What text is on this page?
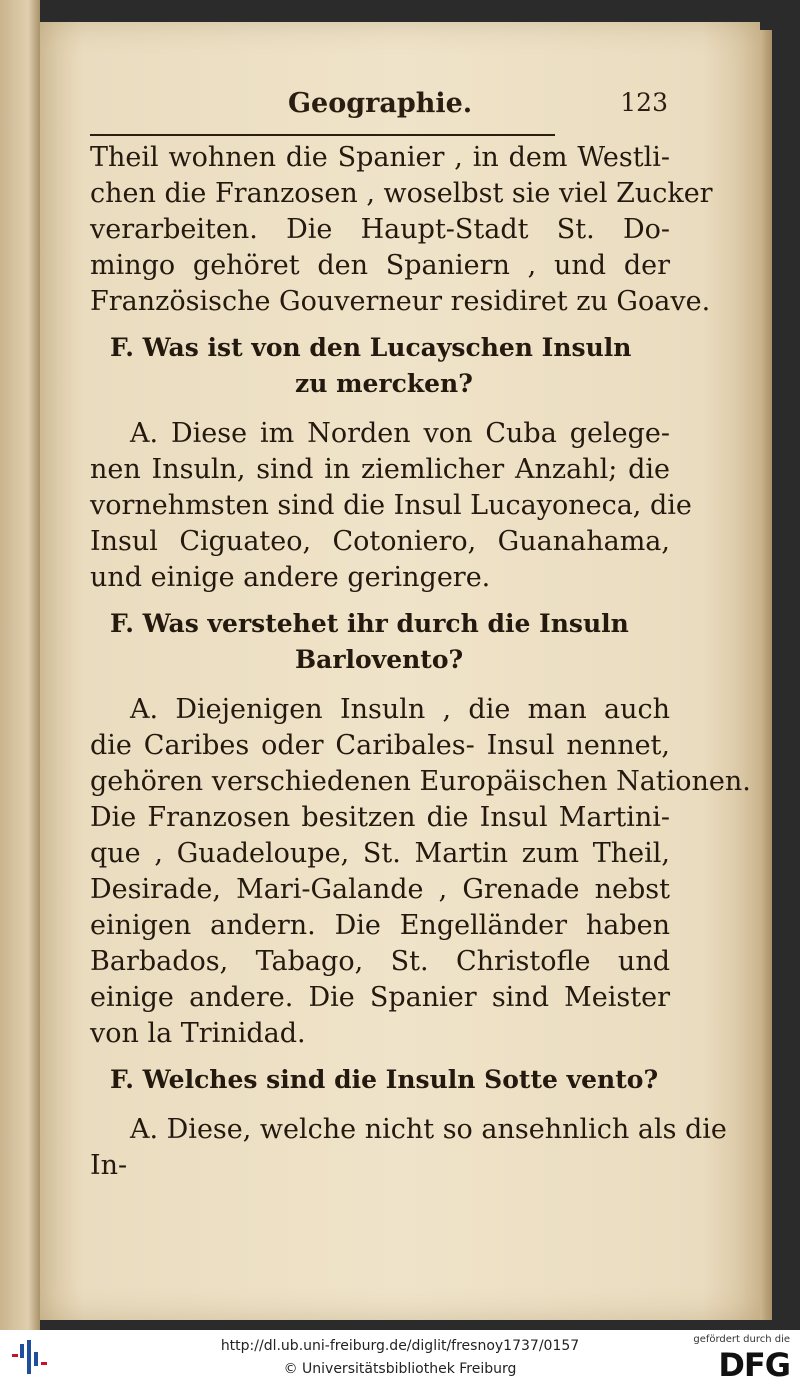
Geographie.	123
Theil wohnen die Spanier , in dem Westli-
chen die Franzosen , woselbst sie viel Zucker
verarbeiten. Die Haupt-Stadt St. Do-
mingo gehöret den Spaniern , und der
Französische Gouverneur residiret zu Goave.
F. Was ist von den Lucayschen Insuln
zu mercken?
A. Diese im Norden von Cuba gelege-
nen Insuln, sind in ziemlicher Anzahl; die
vornehmsten sind die Insul Lucayoneca, die
Insul Ciguateo, Cotoniero, Guanahama,
und einige andere geringere.
F. Was verstehet ihr durch die Insuln
Barlovento?
A. Diejenigen Insuln , die man auch
die Caribes oder Caribales- Insul nennet,
gehören verschiedenen Europäischen Nationen.
Die Franzosen besitzen die Insul Martini-
que , Guadeloupe, St. Martin zum Theil,
Desirade, Mari-Galande , Grenade nebst
einigen andern. Die Engelländer haben
Barbados, Tabago, St. Christofle und
einige andere. Die Spanier sind Meister
von la Trinidad.
F. Welches sind die Insuln Sotte vento?
A. Diese, welche nicht so ansehnlich als die
In-
http://dl.ub.uni-freiburg.de/diglit/fresnoy1737/0157
© Universitätsbibliothek Freiburg
gefördert durch die
DFG
